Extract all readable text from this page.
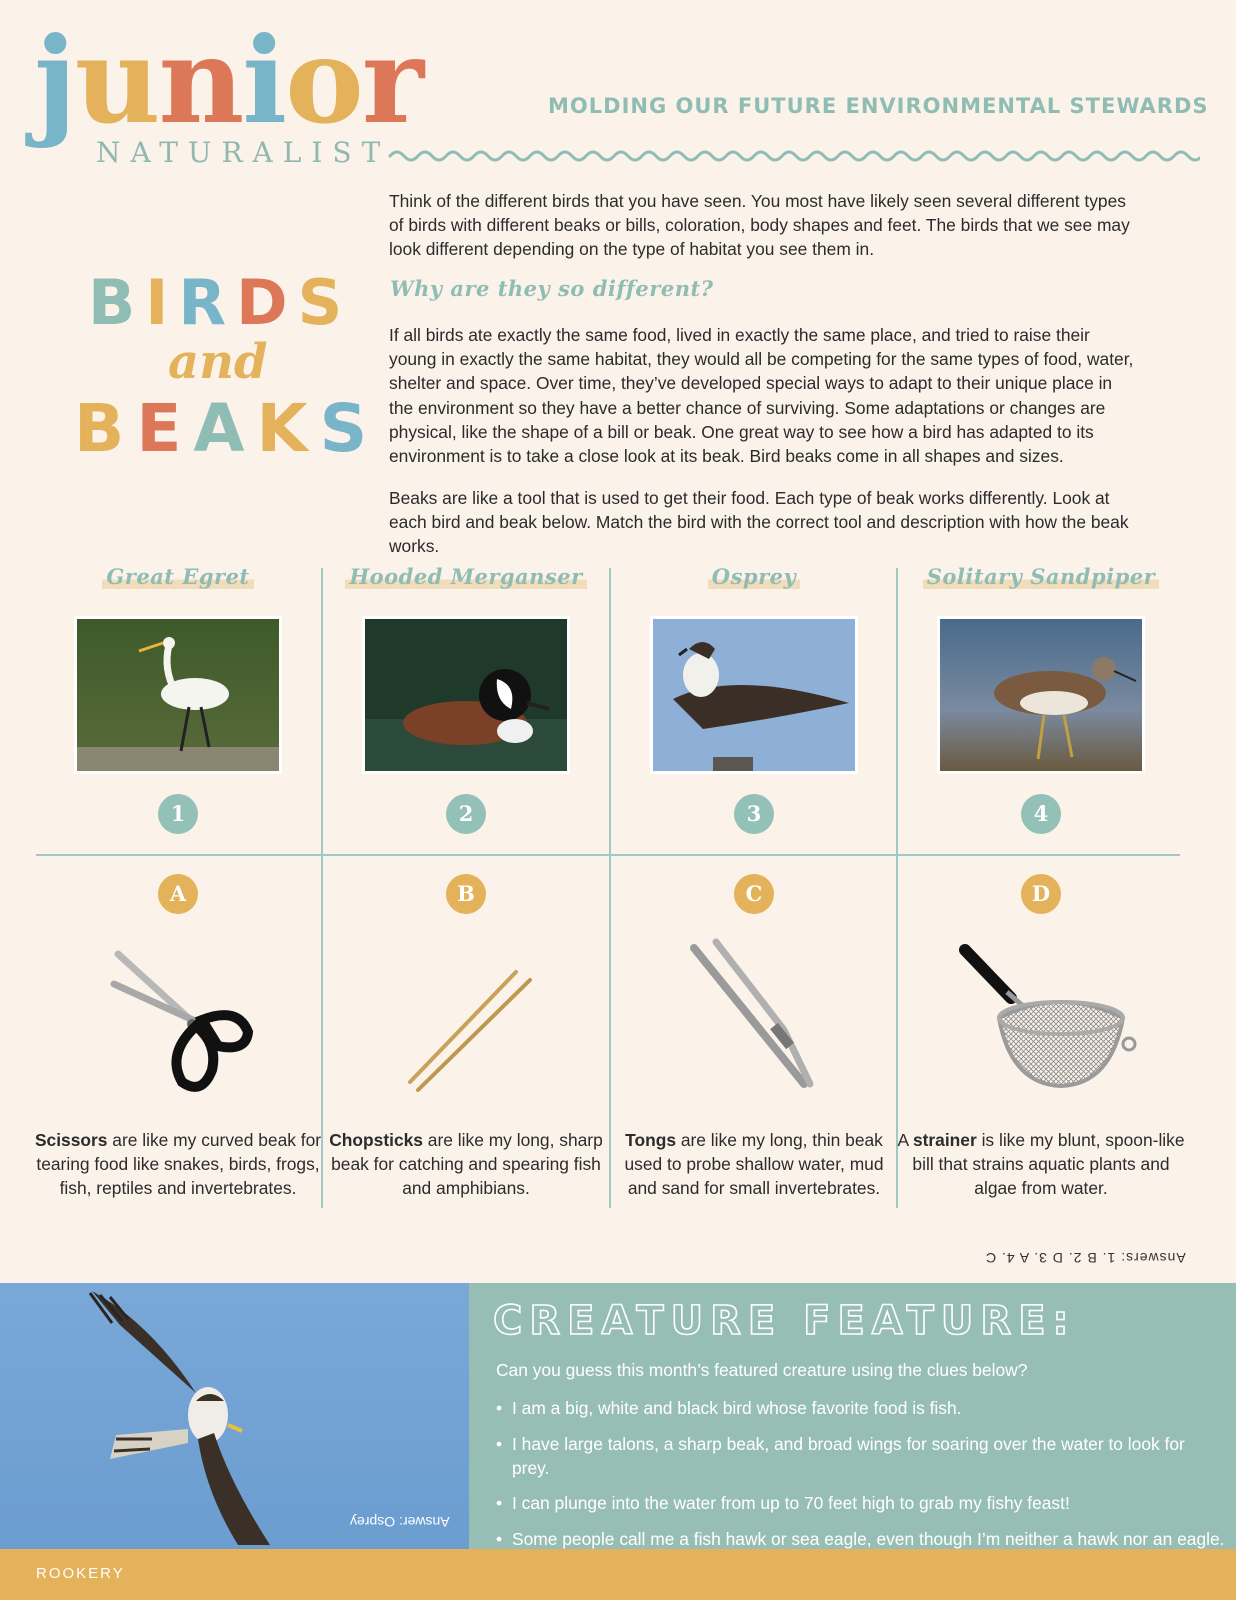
junior
NATURALIST
MOLDING OUR FUTURE ENVIRONMENTAL STEWARDS
BIRDS
and
BEAKS

Think of the different birds that you have seen. You most have likely seen several different types of birds with different beaks or bills, coloration, body shapes and feet. The birds that we see may look different depending on the type of habitat you see them in.

Why are they so different?

If all birds ate exactly the same food, lived in exactly the same place, and tried to raise their young in exactly the same habitat, they would all be competing for the same types of food, water, shelter and space. Over time, they’ve developed special ways to adapt to their unique place in the environment so they have a better chance of surviving. Some adaptations or changes are physical, like the shape of a bill or beak. One great way to see how a bird has adapted to its environment is to take a close look at its beak. Bird beaks come in all shapes and sizes.

Beaks are like a tool that is used to get their food. Each type of beak works differently. Look at each bird and beak below. Match the bird with the correct tool and description with how the beak works.

Great Egret
1
Hooded Merganser
2
Osprey
3
Solitary Sandpiper
4
A

Scissors are like my curved beak for tearing food like snakes, birds, frogs, fish, reptiles and invertebrates.

B

Chopsticks are like my long, sharp beak for catching and spearing fish and amphibians.

C

Tongs are like my long, thin beak used to probe shallow water, mud and sand for small invertebrates.

D

A strainer is like my blunt, spoon-like bill that strains aquatic plants and algae from water.

Answers: 1. B 2. D 3. A 4. C
Answer: Osprey
CREATURE FEATURE:
Can you guess this month’s featured creature using the clues below?
• I am a big, white and black bird whose favorite food is fish.
• I have large talons, a sharp beak, and broad wings for soaring over the water to look for prey.
• I can plunge into the water from up to 70 feet high to grab my fishy feast!
• Some people call me a fish hawk or sea eagle, even though I’m neither a hawk nor an eagle.
ROOKERY
